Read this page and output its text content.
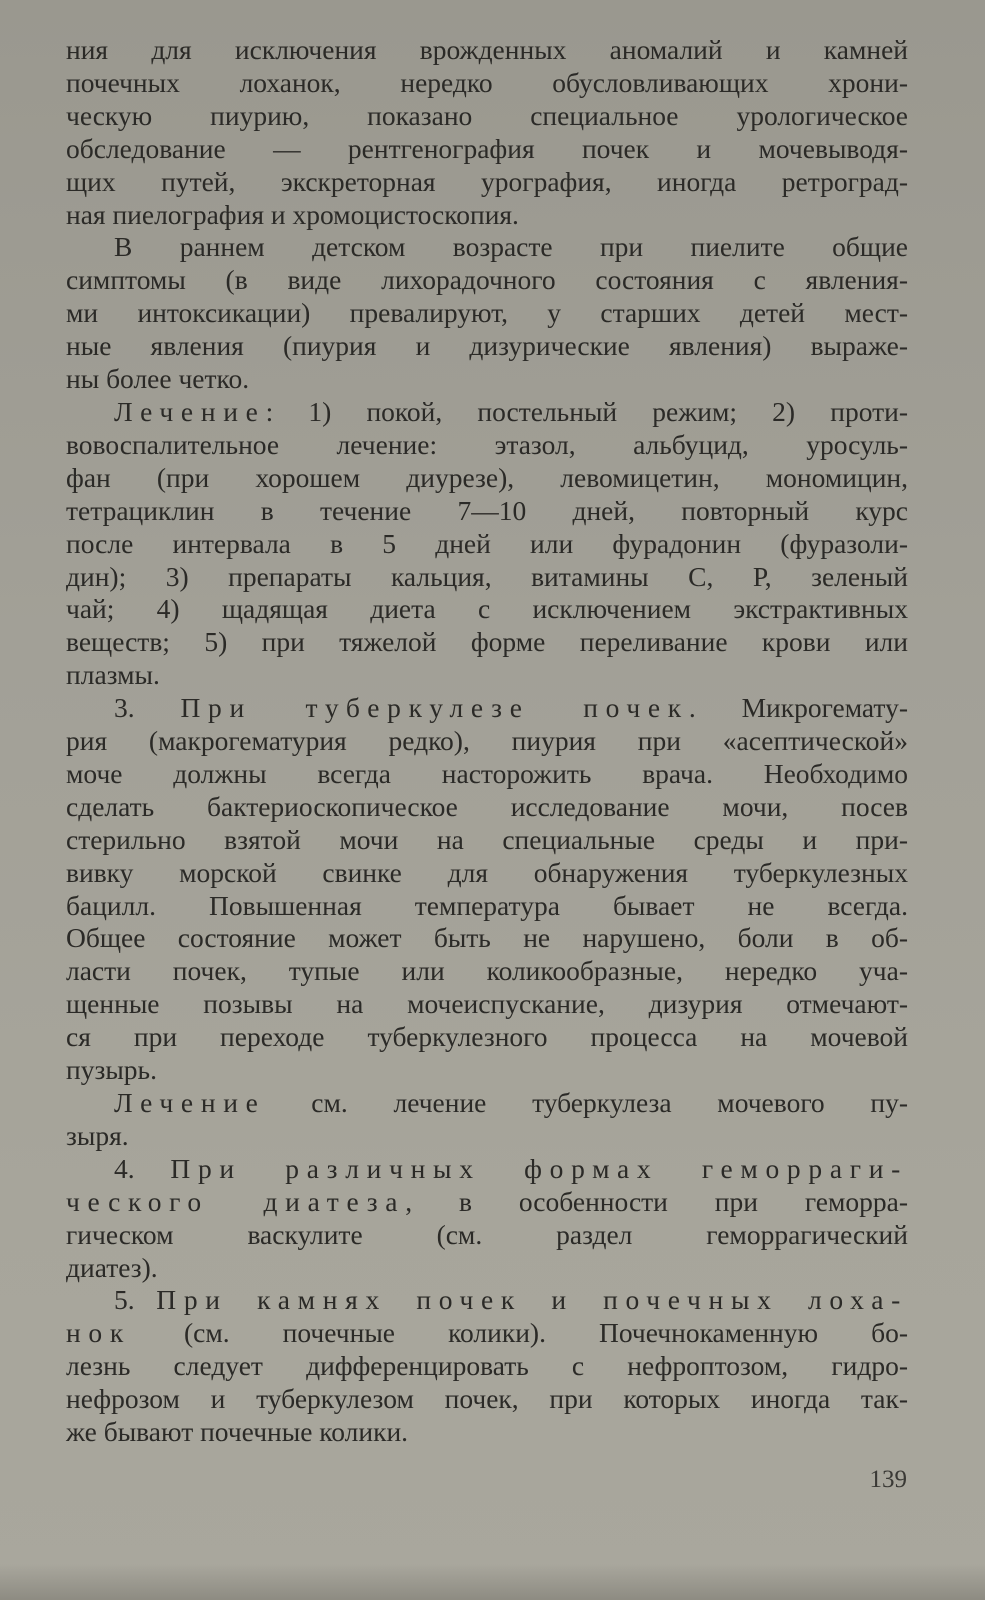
ния для исключения врожденных аномалий и камней
почечных лоханок, нередко обусловливающих хрони-
ческую пиурию, показано специальное урологическое
обследование — рентгенография почек и мочевыводя-
щих путей, экскреторная урография, иногда ретроград-
ная пиелография и хромоцистоскопия.
В раннем детском возрасте при пиелите общие
симптомы (в виде лихорадочного состояния с явления-
ми интоксикации) превалируют, у старших детей мест-
ные явления (пиурия и дизурические явления) выраже-
ны более четко.
Лечение: 1) покой, постельный режим; 2) проти-
вовоспалительное лечение: этазол, альбуцид, уросуль-
фан (при хорошем диурезе), левомицетин, мономицин,
тетрациклин в течение 7—10 дней, повторный курс
после интервала в 5 дней или фурадонин (фуразоли-
дин); 3) препараты кальция, витамины С, Р, зеленый
чай; 4) щадящая диета с исключением экстрактивных
веществ; 5) при тяжелой форме переливание крови или
плазмы.
3. При туберкулезе почек. Микрогемату-
рия (макрогематурия редко), пиурия при «асептической»
моче должны всегда насторожить врача. Необходимо
сделать бактериоскопическое исследование мочи, посев
стерильно взятой мочи на специальные среды и при-
вивку морской свинке для обнаружения туберкулезных
бацилл. Повышенная температура бывает не всегда.
Общее состояние может быть не нарушено, боли в об-
ласти почек, тупые или коликообразные, нередко уча-
щенные позывы на мочеиспускание, дизурия отмечают-
ся при переходе туберкулезного процесса на мочевой
пузырь.
Лечение см. лечение туберкулеза мочевого пу-
зыря.
4. При различных формах геморраги-
ческого диатеза, в особенности при геморра-
гическом васкулите (см. раздел геморрагический
диатез).
5. При камнях почек и почечных лоха-
нок (см. почечные колики). Почечнокаменную бо-
лезнь следует дифференцировать с нефроптозом, гидро-
нефрозом и туберкулезом почек, при которых иногда так-
же бывают почечные колики.
139
